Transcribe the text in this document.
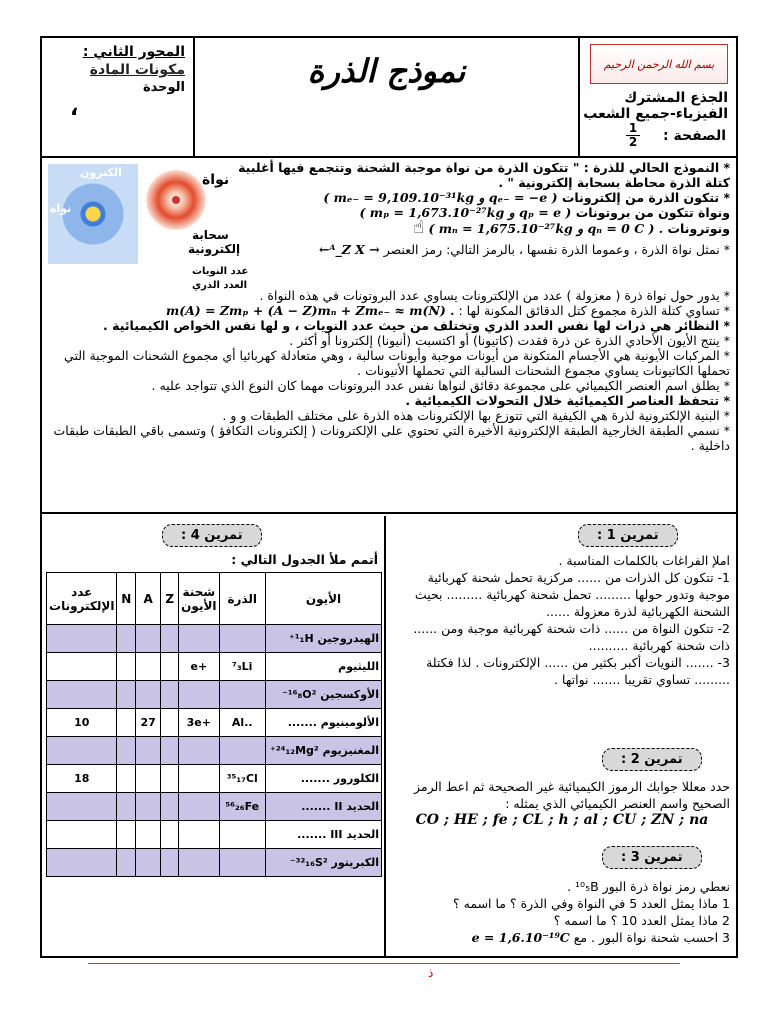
المحور الثاني :
مكونات المادة
الوحدة
،
نموذج الذرة	بسم الله الرحمن الرحيم
الجذع المشترك
الفيزياء-جميع الشعب
الصفحة :
$\frac{1}{2}$
الكترون
نواة
نواة
سحابة
إلكترونية
عدد النويات
العدد الذري

* النموذج الحالي للذرة : " تتكون الذرة من نواة موجبة الشحنة وتتجمع فيها أغلبية كتلة الذرة محاطة بسحابة إلكترونية " .

* تتكون الذرة من إلكترونات ( mₑ₋ = 9,109.10⁻³¹kg و qₑ₋ = −e )

ونواة تتكون من بروتونات ( mₚ = 1,673.10⁻²⁷kg و qₚ = e )

ونوترونات ( mₙ = 1,675.10⁻²⁷kg و qₙ = 0 C ) . ☝

* نمثل نواة الذرة ، وعموما الذرة نفسها ، بالرمز التالي: رمز العنصر ←ᴬ_Z X →

* يدور حول نواة ذرة ( معزولة ) عدد من الإلكترونات يساوي عدد البروتونات في هذه النواة .

* تساوي كتلة الذرة مجموع كتل الدقائق المكونة لها : m(A) = Zmₚ + (A − Z)mₙ + Zmₑ₋ ≈ m(N) .

* النظائر هي ذرات لها نفس العدد الذري وتختلف من حيث عدد النويات ، و لها نفس الخواص الكيميائية .

* ينتج الأيون الأحادي الذرة عن ذرة فقدت (كاتيونا) أو اكتسبت (أنيونا) إلكترونا أو أكثر .

* المركبات الأيونية هي الأجسام المتكونة من أيونات موجبة وأيونات سالبة ، وهي متعادلة كهربائيا أي مجموع الشحنات الموجبة التي تحملها الكاتيونات يساوي مجموع الشحنات السالبة التي تحملها الأنيونات .

* يطلق اسم العنصر الكيميائي على مجموعة دقائق لنواها نفس عدد البروتونات مهما كان النوع الذي تتواجد عليه .

* تتحفظ العناصر الكيميائية خلال التحولات الكيميائية .

* البنية الإلكترونية لذرة هي الكيفية التي تتوزع بها الإلكترونات هذه الذرة على مختلف الطبقات و و .

* نسمي الطبقة الخارجية الطبقة الإلكترونية الأخيرة التي تحتوي على الإلكترونات ( إلكترونات التكافؤ ) وتسمى باقي الطبقات طبقات داخلية .

تمرين 4 :
أتمم ملأ الجدول التالي :
الأيون	الذرة	شحنة الأيون	Z	A	N	عدد الإلكترونات
الهيدروجين ¹₁H⁺						
الليثيوم	⁷₃Li	+e				
الأوكسجين ¹⁶₈O²⁻						
الألومينيوم .......	..Al	+3e		27		10
المغنيزيوم ²⁴₁₂Mg²⁺						
الكلورور .......	³⁵₁₇Cl					18
الحديد II .......	⁵⁶₂₆Fe					
الحديد III .......						
الكبريتور ³²₁₆S²⁻						
تمرين 1 :

املإ الفراغات بالكلمات المناسبة .

1- تتكون كل الذرات من ...... مركزية تحمل شحنة كهربائية موجبة وتدور حولها ......... تحمل شحنة كهربائية ......... بحيث الشحنة الكهربائية لذرة معزولة ......

2- تتكون النواة من ...... ذات شحنة كهربائية موجبة ومن ...... ذات شحنة كهربائية ..........

3- ....... النويات أكبر بكثير من ...... الإلكترونات . لذا فكتلة ......... تساوي تقريبا ....... نواتها .

تمرين 2 :

حدد معللا جوابك الرموز الكيميائية غير الصحيحة ثم اعط الرمز الصحيح واسم العنصر الكيميائي الذي يمثله :

CO ; HE ; fe ; CL ; h ; al ; CU ; ZN ; na

تمرين 3 :

نعطي رمز نواة ذرة البور ¹⁰₅B .

1 ماذا يمثل العدد 5 في النواة وفي الذرة ؟ ما اسمه ؟

2 ماذا يمثل العدد 10 ؟ ما اسمه ؟

3 احسب شحنة نواة البور . مع e = 1,6.10⁻¹⁹C

ذ
